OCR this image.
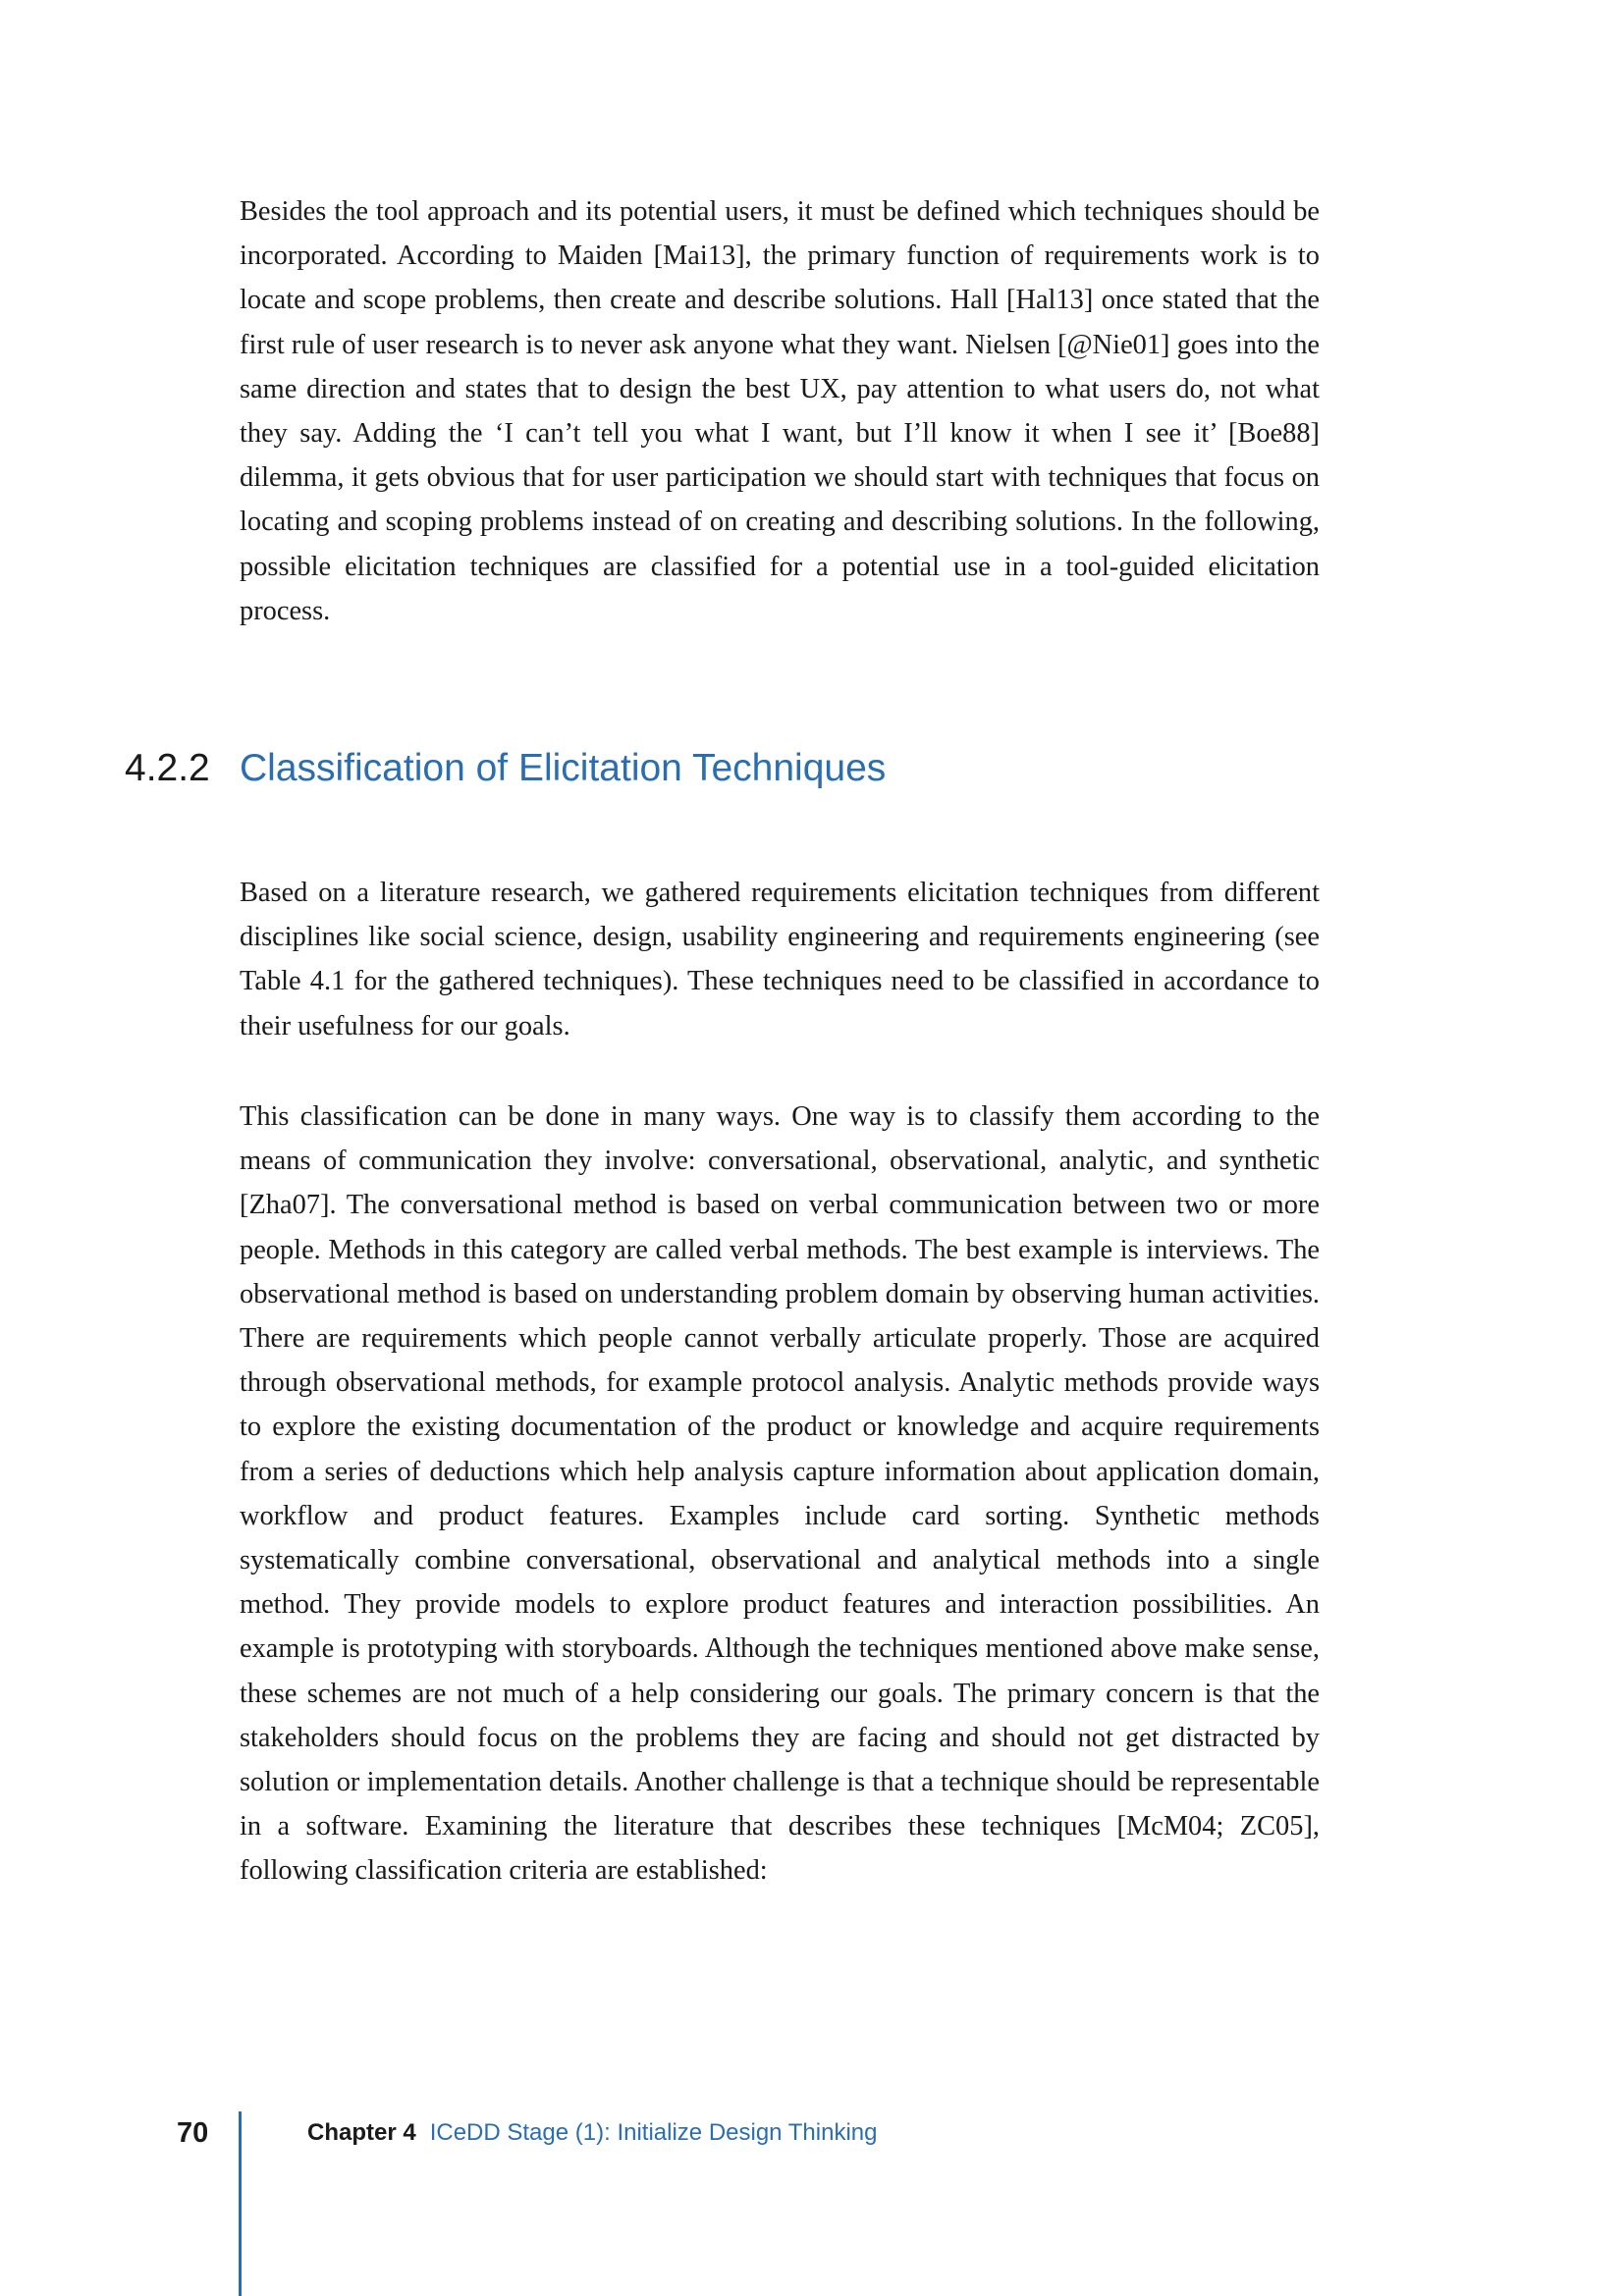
Besides the tool approach and its potential users, it must be defined which techniques should be incorporated. According to Maiden [Mai13], the primary function of requirements work is to locate and scope problems, then create and describe solutions. Hall [Hal13] once stated that the first rule of user research is to never ask anyone what they want. Nielsen [@Nie01] goes into the same direction and states that to design the best UX, pay attention to what users do, not what they say. Adding the ‘I can’t tell you what I want, but I’ll know it when I see it’ [Boe88] dilemma, it gets obvious that for user participation we should start with techniques that focus on locating and scoping problems instead of on creating and describing solutions. In the following, possible elicitation techniques are classified for a potential use in a tool-guided elicitation process.

4.2.2 Classification of Elicitation Techniques

Based on a literature research, we gathered requirements elicitation techniques from different disciplines like social science, design, usability engineering and requirements engineering (see Table 4.1 for the gathered techniques). These techniques need to be classified in accordance to their usefulness for our goals.

This classification can be done in many ways. One way is to classify them according to the means of communication they involve: conversational, observational, analytic, and synthetic [Zha07]. The conversational method is based on verbal communication between two or more people. Methods in this category are called verbal methods. The best example is interviews. The observational method is based on understanding problem domain by observing human activities. There are requirements which people cannot verbally articulate properly. Those are acquired through observational methods, for example protocol analysis. Analytic methods provide ways to explore the existing documentation of the product or knowledge and acquire requirements from a series of deductions which help analysis capture information about application domain, workflow and product features. Examples include card sorting. Synthetic methods systematically combine conversational, observational and analytical methods into a single method. They provide models to explore product features and interaction possibilities. An example is prototyping with storyboards. Although the techniques mentioned above make sense, these schemes are not much of a help considering our goals. The primary concern is that the stakeholders should focus on the problems they are facing and should not get distracted by solution or implementation details. Another challenge is that a technique should be representable in a software. Examining the literature that describes these techniques [McM04; ZC05], following classification criteria are established:

70	Chapter 4 ICeDD Stage (1): Initialize Design Thinking
